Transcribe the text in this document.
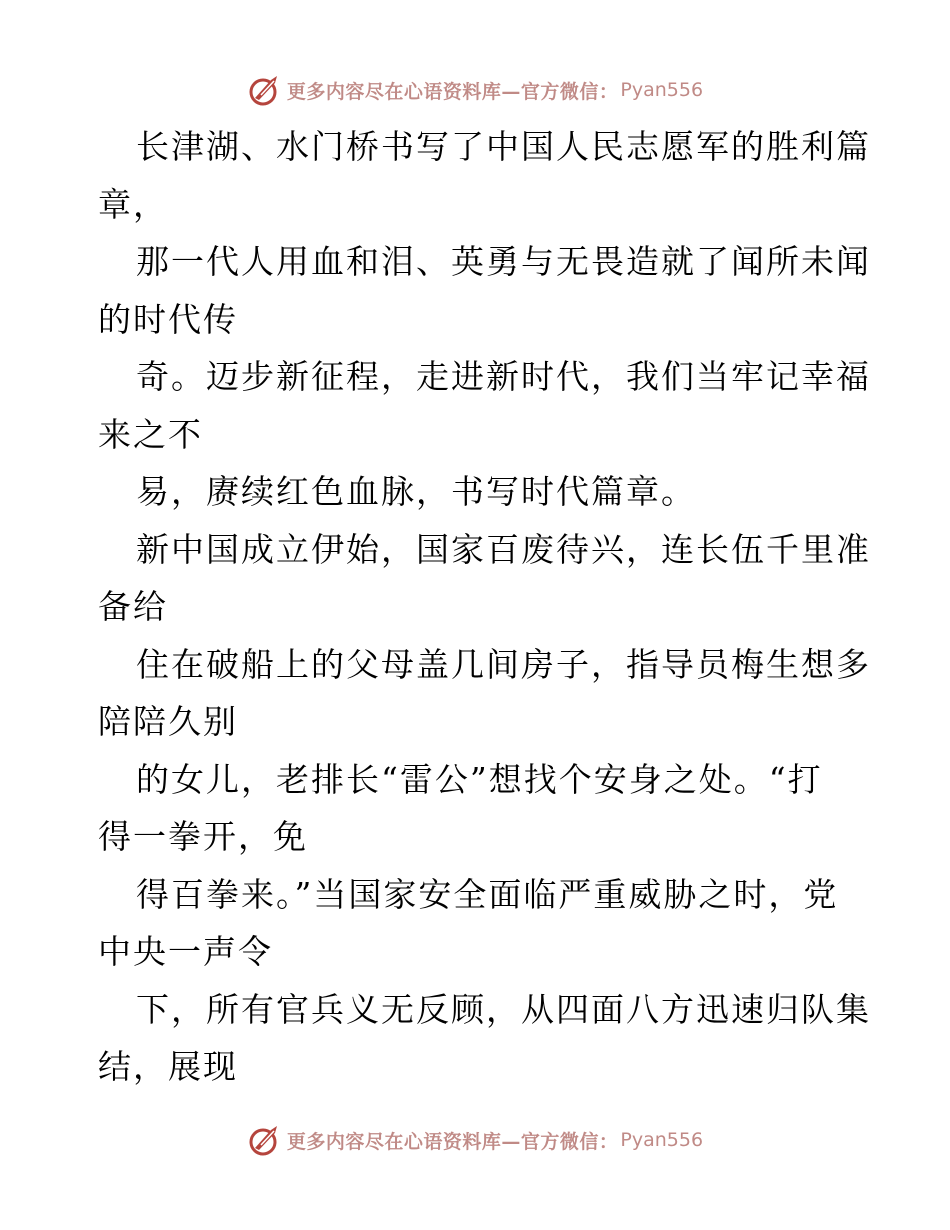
更多内容尽在心语资料库—官方微信： Pyan556
长津湖、水门桥书写了中国人民志愿军的胜利篇
章，
那一代人用血和泪、英勇与无畏造就了闻所未闻
的时代传
奇。迈步新征程，走进新时代，我们当牢记幸福
来之不
易，赓续红色血脉，书写时代篇章。
新中国成立伊始，国家百废待兴，连长伍千里准
备给
住在破船上的父母盖几间房子，指导员梅生想多
陪陪久别
的女儿，老排长“雷公”想找个安身之处。“打
得一拳开，免
得百拳来。”当国家安全面临严重威胁之时，党
中央一声令
下，所有官兵义无反顾，从四面八方迅速归队集
结，展现
更多内容尽在心语资料库—官方微信： Pyan556
